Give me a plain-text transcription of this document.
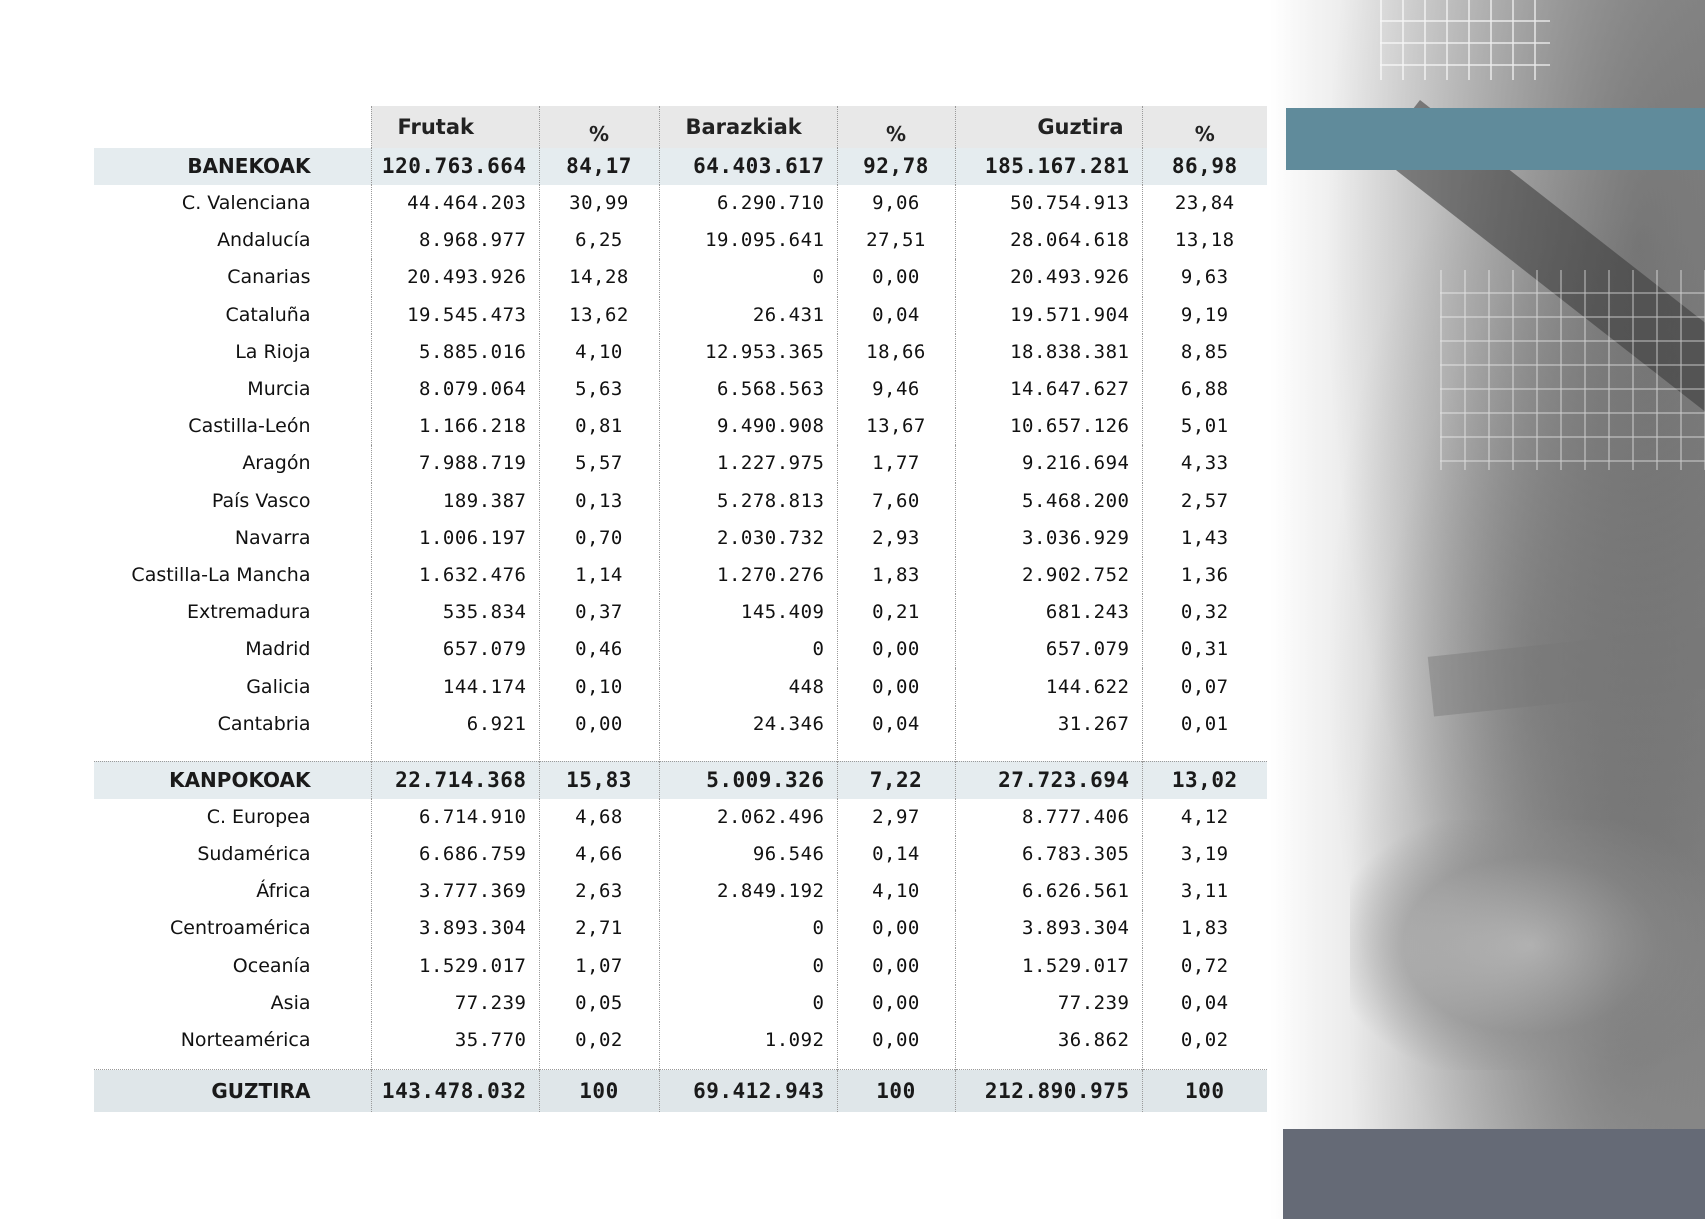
	Frutak	%	Barazkiak	%	Guztira	%
BANEKOAK	120.763.664	84,17	64.403.617	92,78	185.167.281	86,98
C. Valenciana	44.464.203	30,99	6.290.710	9,06	50.754.913	23,84
Andalucía	8.968.977	6,25	19.095.641	27,51	28.064.618	13,18
Canarias	20.493.926	14,28	0	0,00	20.493.926	9,63
Cataluña	19.545.473	13,62	26.431	0,04	19.571.904	9,19
La Rioja	5.885.016	4,10	12.953.365	18,66	18.838.381	8,85
Murcia	8.079.064	5,63	6.568.563	9,46	14.647.627	6,88
Castilla-León	1.166.218	0,81	9.490.908	13,67	10.657.126	5,01
Aragón	7.988.719	5,57	1.227.975	1,77	9.216.694	4,33
País Vasco	189.387	0,13	5.278.813	7,60	5.468.200	2,57
Navarra	1.006.197	0,70	2.030.732	2,93	3.036.929	1,43
Castilla-La Mancha	1.632.476	1,14	1.270.276	1,83	2.902.752	1,36
Extremadura	535.834	0,37	145.409	0,21	681.243	0,32
Madrid	657.079	0,46	0	0,00	657.079	0,31
Galicia	144.174	0,10	448	0,00	144.622	0,07
Cantabria	6.921	0,00	24.346	0,04	31.267	0,01

KANPOKOAK	22.714.368	15,83	5.009.326	7,22	27.723.694	13,02
C. Europea	6.714.910	4,68	2.062.496	2,97	8.777.406	4,12
Sudamérica	6.686.759	4,66	96.546	0,14	6.783.305	3,19
África	3.777.369	2,63	2.849.192	4,10	6.626.561	3,11
Centroamérica	3.893.304	2,71	0	0,00	3.893.304	1,83
Oceanía	1.529.017	1,07	0	0,00	1.529.017	0,72
Asia	77.239	0,05	0	0,00	77.239	0,04
Norteamérica	35.770	0,02	1.092	0,00	36.862	0,02

GUZTIRA	143.478.032	100	69.412.943	100	212.890.975	100
